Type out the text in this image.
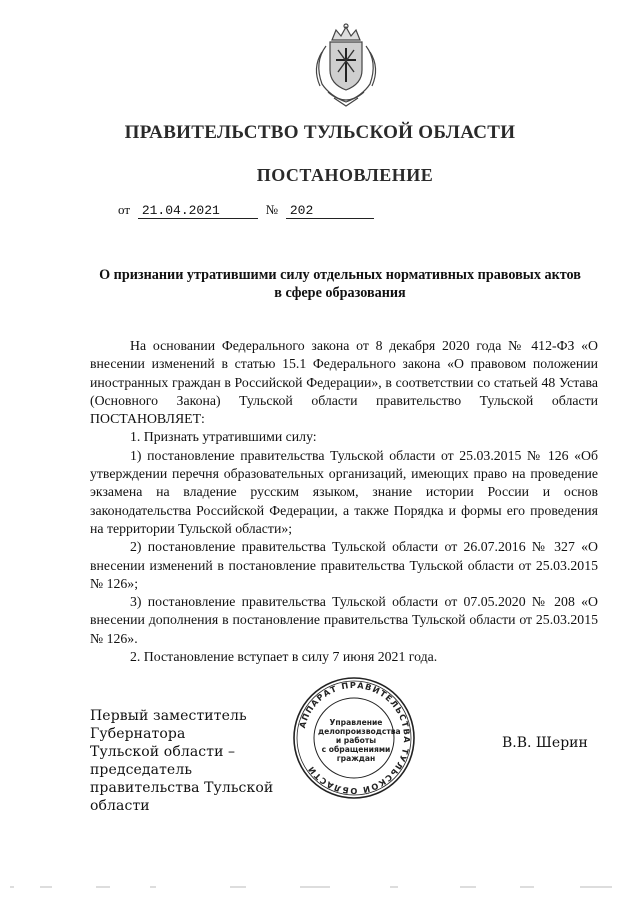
ПРАВИТЕЛЬСТВО ТУЛЬСКОЙ ОБЛАСТИ
ПОСТАНОВЛЕНИЕ
от 21.04.2021	№ 202
О признании утратившими силу отдельных нормативных правовых актов в сфере образования

На основании Федерального закона от 8 декабря 2020 года № 412-ФЗ «О внесении изменений в статью 15.1 Федерального закона «О правовом положении иностранных граждан в Российской Федерации», в соответствии со статьей 48 Устава (Основного Закона) Тульской области правительство Тульской области ПОСТАНОВЛЯЕТ:

1. Признать утратившими силу:

1) постановление правительства Тульской области от 25.03.2015 № 126 «Об утверждении перечня образовательных организаций, имеющих право на проведение экзамена на владение русским языком, знание истории России и основ законодательства Российской Федерации, а также Порядка и формы его проведения на территории Тульской области»;

2) постановление правительства Тульской области от 26.07.2016 № 327 «О внесении изменений в постановление правительства Тульской области от 25.03.2015 № 126»;

3) постановление правительства Тульской области от 07.05.2020 № 208 «О внесении дополнения в постановление правительства Тульской области от 25.03.2015 № 126».

2. Постановление вступает в силу 7 июня 2021 года.

Первый заместитель Губернатора
Тульской области – председатель
правительства Тульской области
АППАРАТ ПРАВИТЕЛЬСТВА ТУЛЬСКОЙ ОБЛАСТИ
Управление
делопроизводства
и работы
с обращениями
граждан
В.В. Шерин
